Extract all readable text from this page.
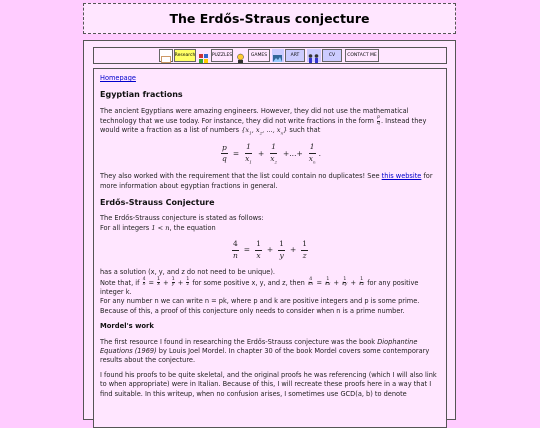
The Erdős-Straus conjecture
Research	PUZZLES	GAMES	ART	CV	CONTACT ME

Homepage

Egyptian fractions

The ancient Egyptians were amazing engineers. However, they did not use the mathematical technology that we use today. For instance, they did not write fractions in the form $\frac{p}{q}$ . Instead they would write a fraction as a list of numbers {$x_1$, $x_2$, ..., $x_n$} such that

$\frac{p}{q} = \frac{1}{x_1} + \frac{1}{x_2}$ +...+ $\frac{1}{x_n}$ .

They also worked with the requirement that the list could contain no duplicates! See this website for more information about egyptian fractions in general.

Erdős-Strauss Conjecture

The Erdős-Strauss conjecture is stated as follows:

For all integers 1 < n, the equation

$\frac{4}{n} = \frac{1}{x} + \frac{1}{y} + \frac{1}{z}$

has a solution (x, y, and z do not need to be unique).

Note that, if $\frac{4}{n} = \frac{1}{x} + \frac{1}{y} + \frac{1}{z}$ for some positive x, y, and z, then $\frac{4}{kn} = \frac{1}{kx} + \frac{1}{ky} + \frac{1}{kz}$ for any positive integer k.

For any number n we can write n = pk, where p and k are positive integers and p is some prime. Because of this, a proof of this conjecture only needs to consider when n is a prime number.

Mordel's work

The first resource I found in researching the Erdős-Strauss conjecture was the book Diophantine Equations (1969) by Louis Joel Mordel. In chapter 30 of the book Mordel covers some contemporary results about the conjecture.

I found his proofs to be quite skeletal, and the original proofs he was referencing (which I will also link to when appropriate) were in Italian. Because of this, I will recreate these proofs here in a way that I find suitable. In this writeup, when no confusion arises, I sometimes use GCD(a, b) to denote
